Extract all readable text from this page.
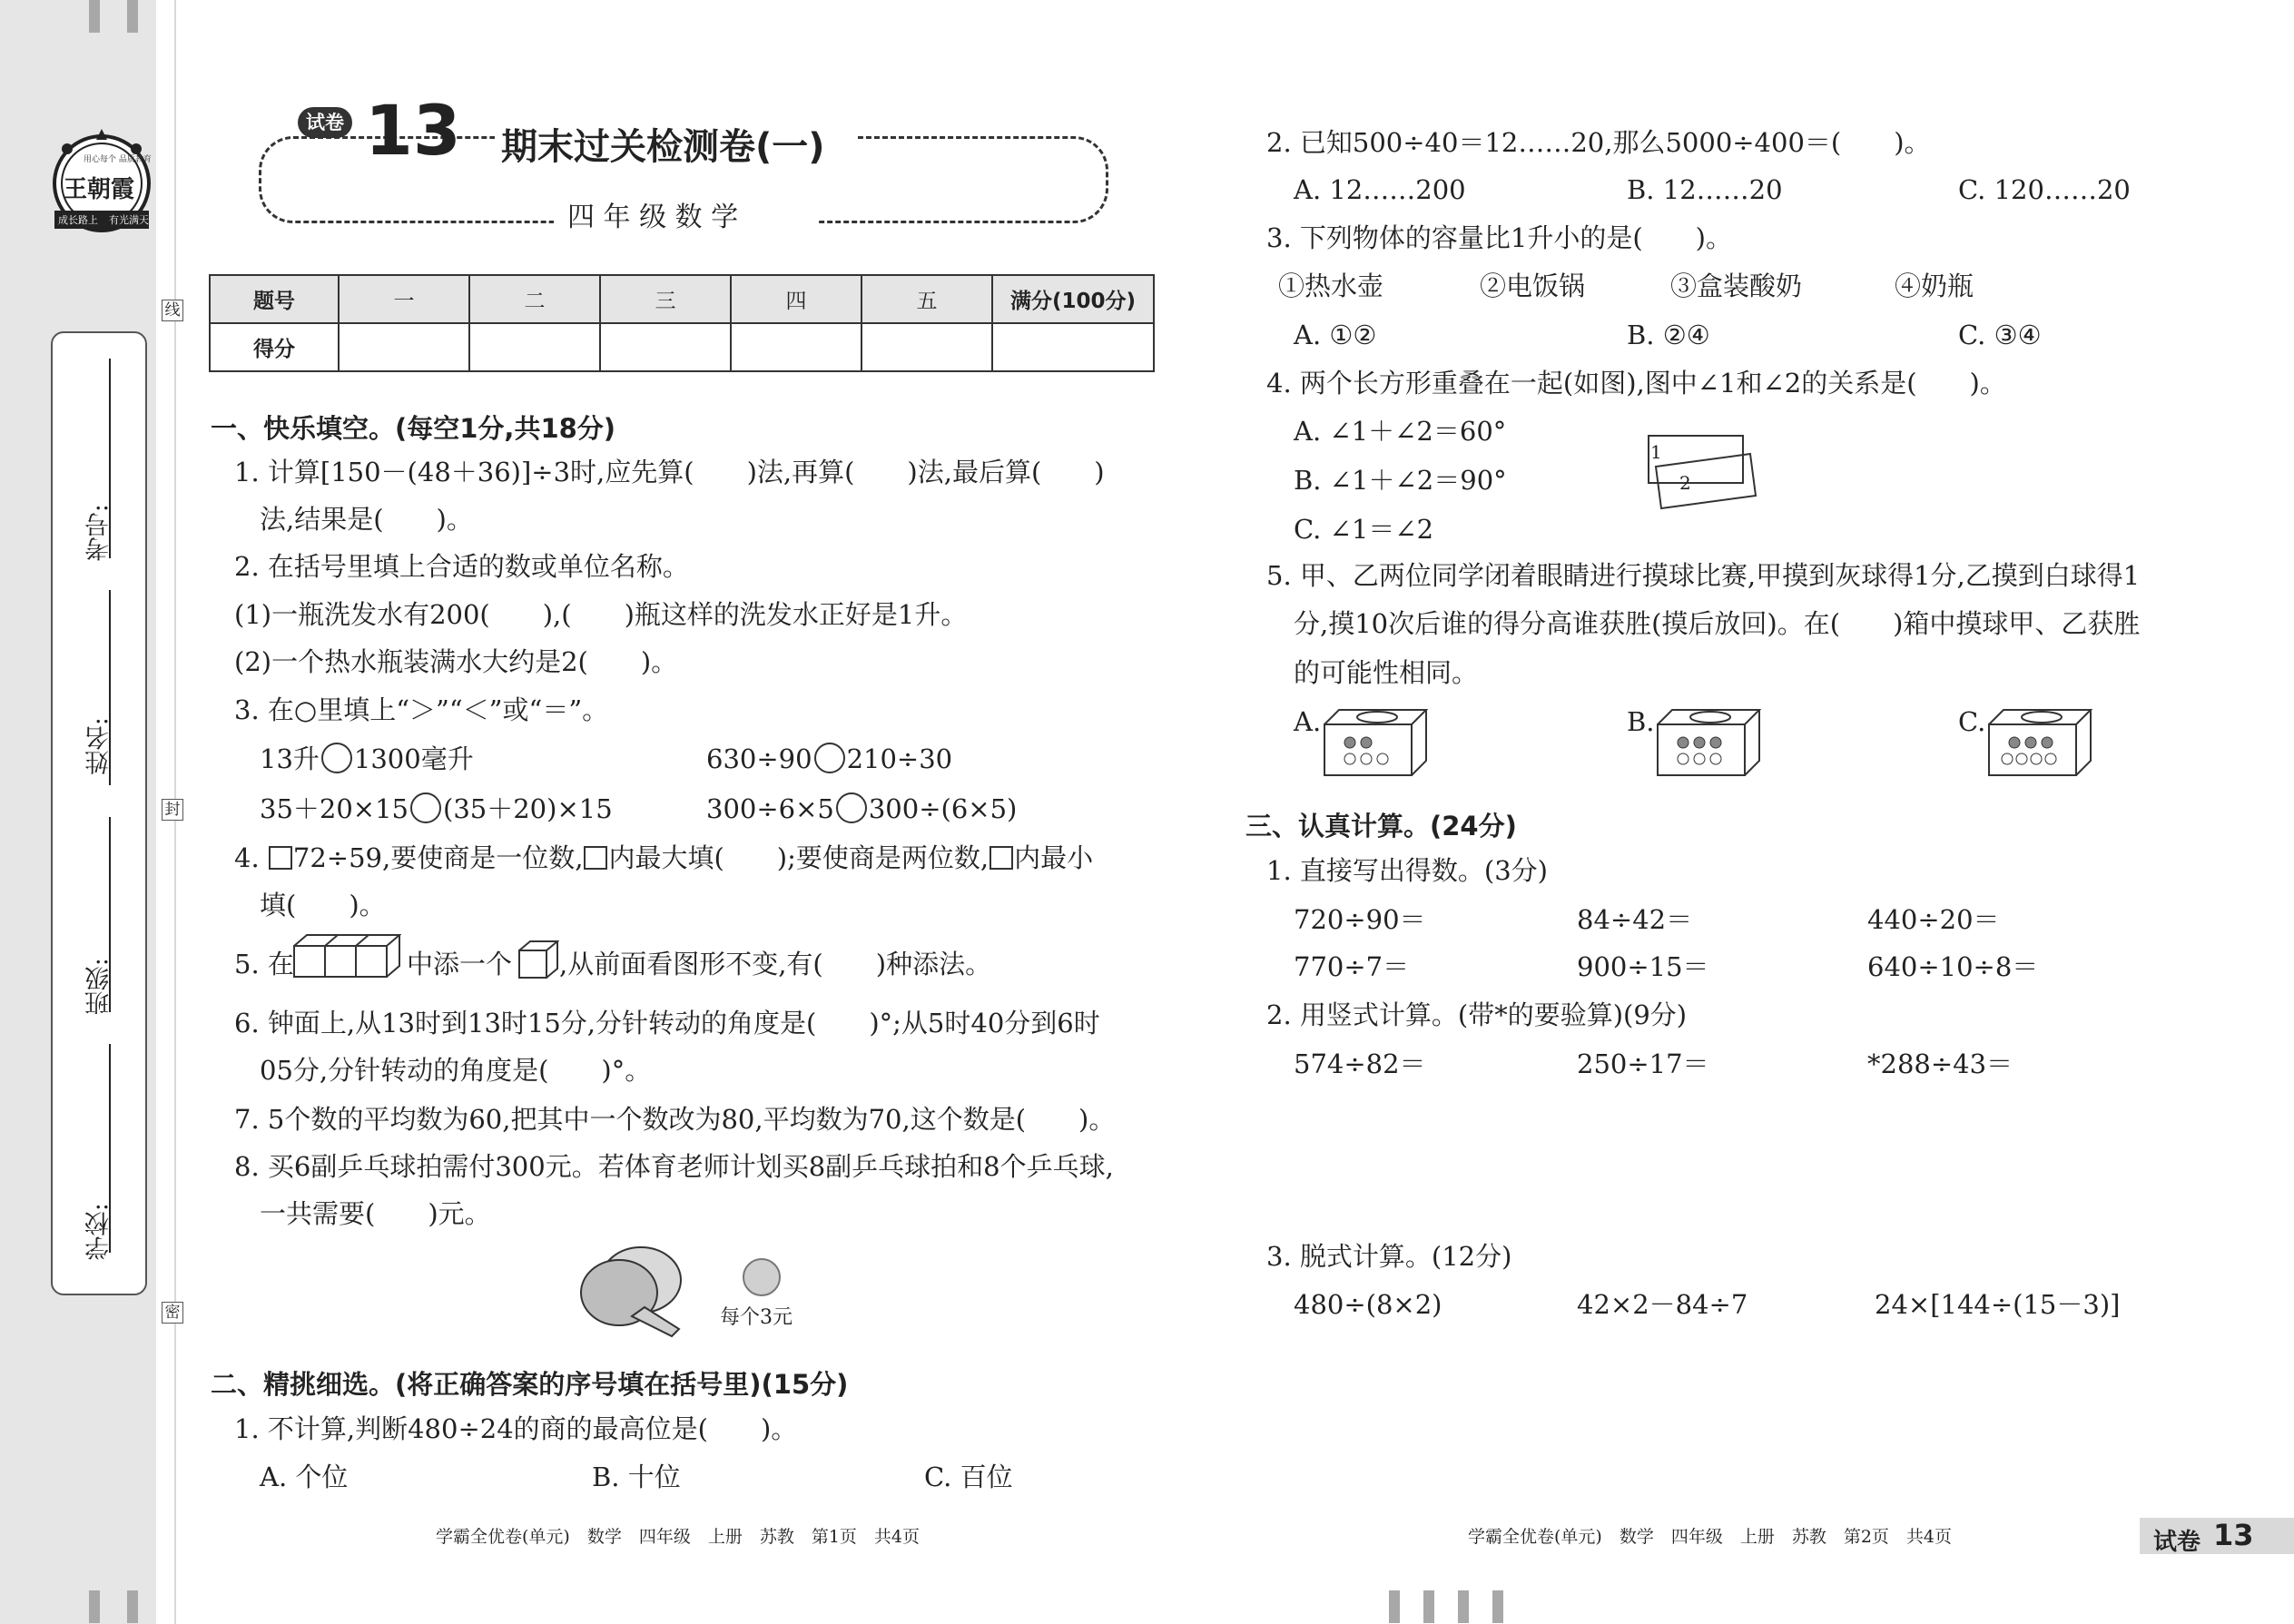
王朝霞
用心每个 品质教育
成长路上 有光满天
考号:
姓名:
班级:
学校:
线
封
密
试卷 13 期末过关检测卷(一)
四 年 级 数 学
题号	一	二	三	四	五	满分(100分)
得分						
一、快乐填空。(每空1分,共18分)
1. 计算[150－(48＋36)]÷3时,应先算(　　)法,再算(　　)法,最后算(　　)
法,结果是(　　)。
2. 在括号里填上合适的数或单位名称。
(1)一瓶洗发水有200(　　),(　　)瓶这样的洗发水正好是1升。
(2)一个热水瓶装满水大约是2(　　)。
3. 在○里填上“＞”“＜”或“＝”。
13升 1300毫升	630÷90 210÷30
35＋20×15 (35＋20)×15	300÷6×5 300÷(6×5)
4. 72÷59,要使商是一位数, 内最大填(　　);要使商是两位数, 内最小
填(　　)。
5. 在	中添一个 ,从前面看图形不变,有(　　)种添法。
6. 钟面上,从13时到13时15分,分针转动的角度是(　　)°;从5时40分到6时
05分,分针转动的角度是(　　)°。
7. 5个数的平均数为60,把其中一个数改为80,平均数为70,这个数是(　　)。
8. 买6副乒乓球拍需付300元。若体育老师计划买8副乒乓球拍和8个乒乓球,
一共需要(　　)元。
每个3元
二、精挑细选。(将正确答案的序号填在括号里)(15分)
1. 不计算,判断480÷24的商的最高位是(　　)。
A. 个位	B. 十位	C. 百位
学霸全优卷(单元)　数学　四年级　上册　苏教　第1页　共4页
2. 已知500÷40＝12……20,那么5000÷400＝(　　)。
A. 12……200	B. 12……20	C. 120……20
3. 下列物体的容量比1升小的是(　　)。
①热水壶	②电饭锅	③盒装酸奶	④奶瓶
A. ①②	B. ②④	C. ③④
4. 两个长方形重叠在一起(如图),图中∠1和∠2的关系是(　　)。
A. ∠1＋∠2＝60°
B. ∠1＋∠2＝90°
C. ∠1＝∠2
1
2
5. 甲、乙两位同学闭着眼睛进行摸球比赛,甲摸到灰球得1分,乙摸到白球得1
分,摸10次后谁的得分高谁获胜(摸后放回)。在(　　)箱中摸球甲、乙获胜
的可能性相同。
A.	B.	C.
三、认真计算。(24分)
1. 直接写出得数。(3分)
720÷90＝	84÷42＝	440÷20＝
770÷7＝	900÷15＝	640÷10÷8＝
2. 用竖式计算。(带*的要验算)(9分)
574÷82＝	250÷17＝	*288÷43＝
3. 脱式计算。(12分)
480÷(8×2)	42×2－84÷7	24×[144÷(15－3)]
学霸全优卷(单元)　数学　四年级　上册　苏教　第2页　共4页	试卷 13
